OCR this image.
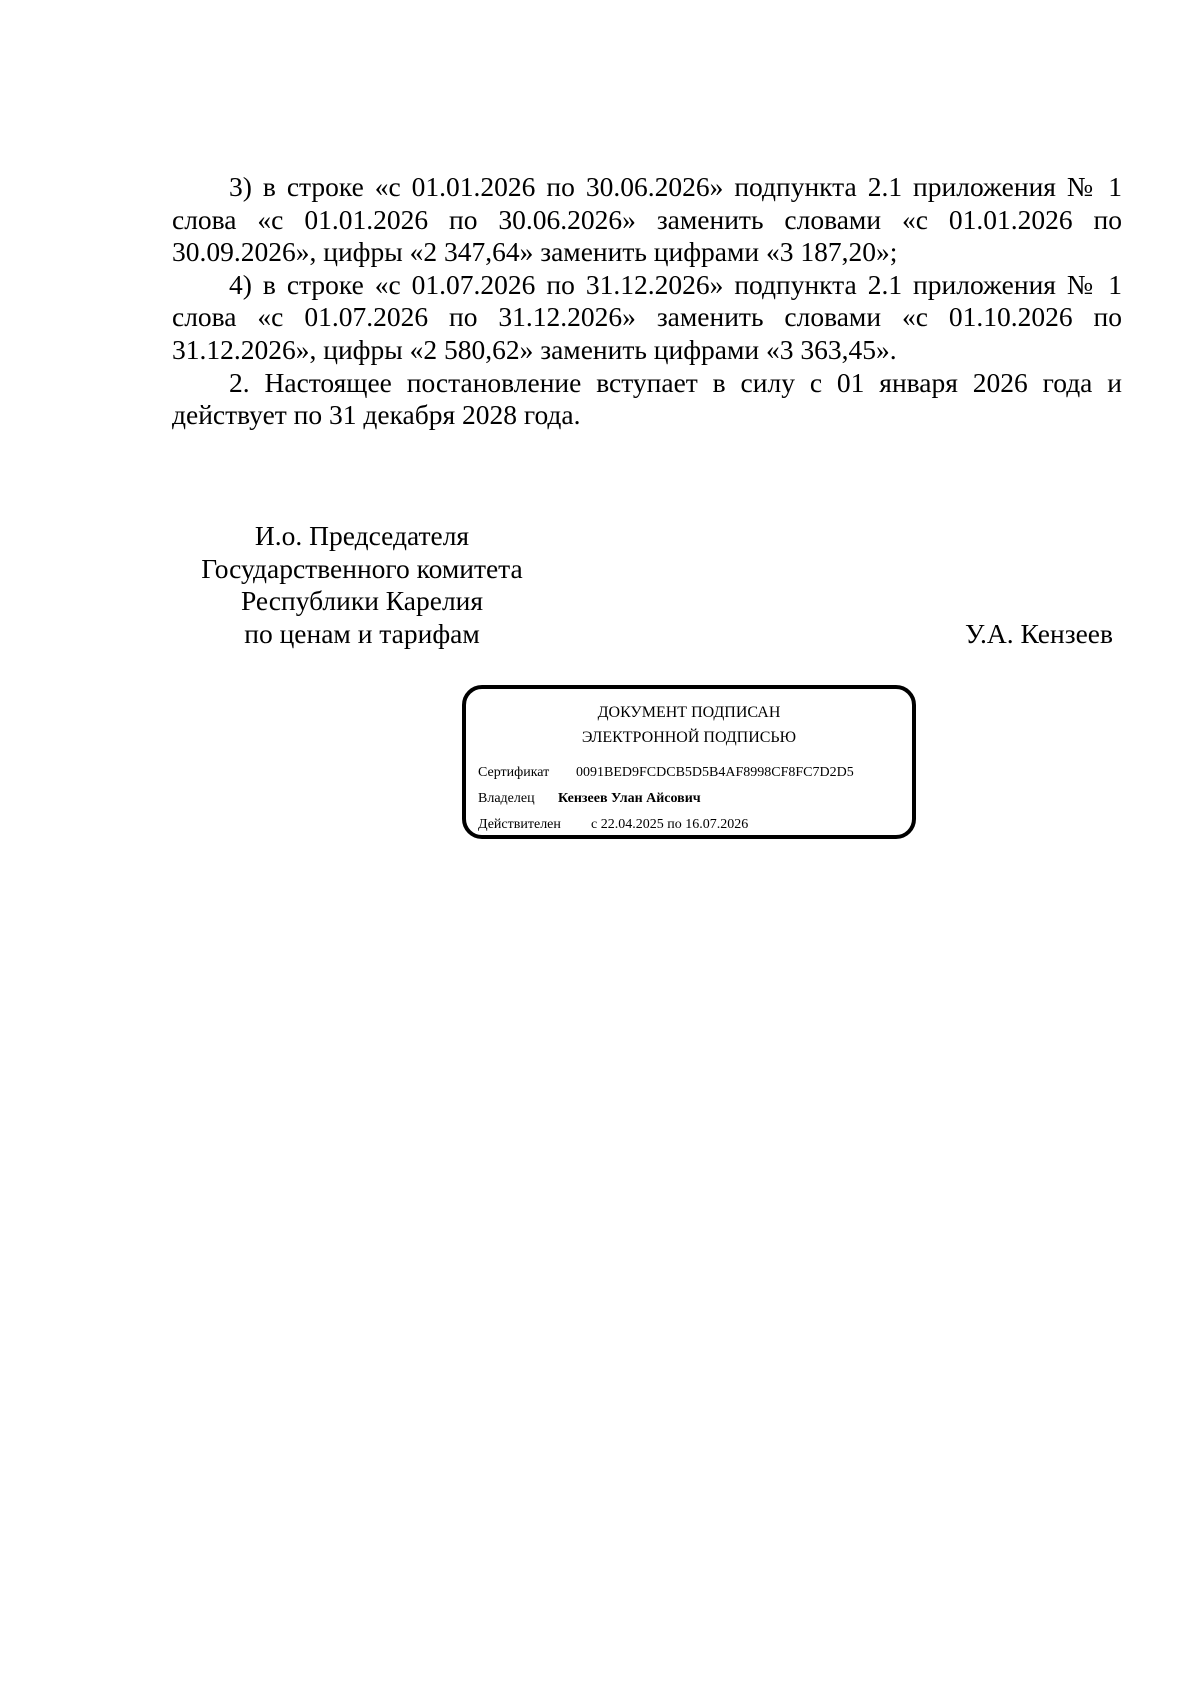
3) в строке «с 01.01.2026 по 30.06.2026» подпункта 2.1 приложения № 1 слова «с 01.01.2026 по 30.06.2026» заменить словами «с 01.01.2026 по 30.09.2026», цифры «2 347,64» заменить цифрами «3 187,20»;

4) в строке «с 01.07.2026 по 31.12.2026» подпункта 2.1 приложения № 1 слова «с 01.07.2026 по 31.12.2026» заменить словами «с 01.10.2026 по 31.12.2026», цифры «2 580,62» заменить цифрами «3 363,45».

2. Настоящее постановление вступает в силу с 01 января 2026 года и действует по 31 декабря 2028 года.

И.о. Председателя
Государственного комитета
Республики Карелия
по ценам и тарифам	У.А. Кензеев
ДОКУМЕНТ ПОДПИСАН
ЭЛЕКТРОННОЙ ПОДПИСЬЮ
Сертификат 0091BED9FCDCB5D5B4AF8998CF8FC7D2D5
Владелец Кензеев Улан Айсович
Действителен с 22.04.2025 по 16.07.2026
